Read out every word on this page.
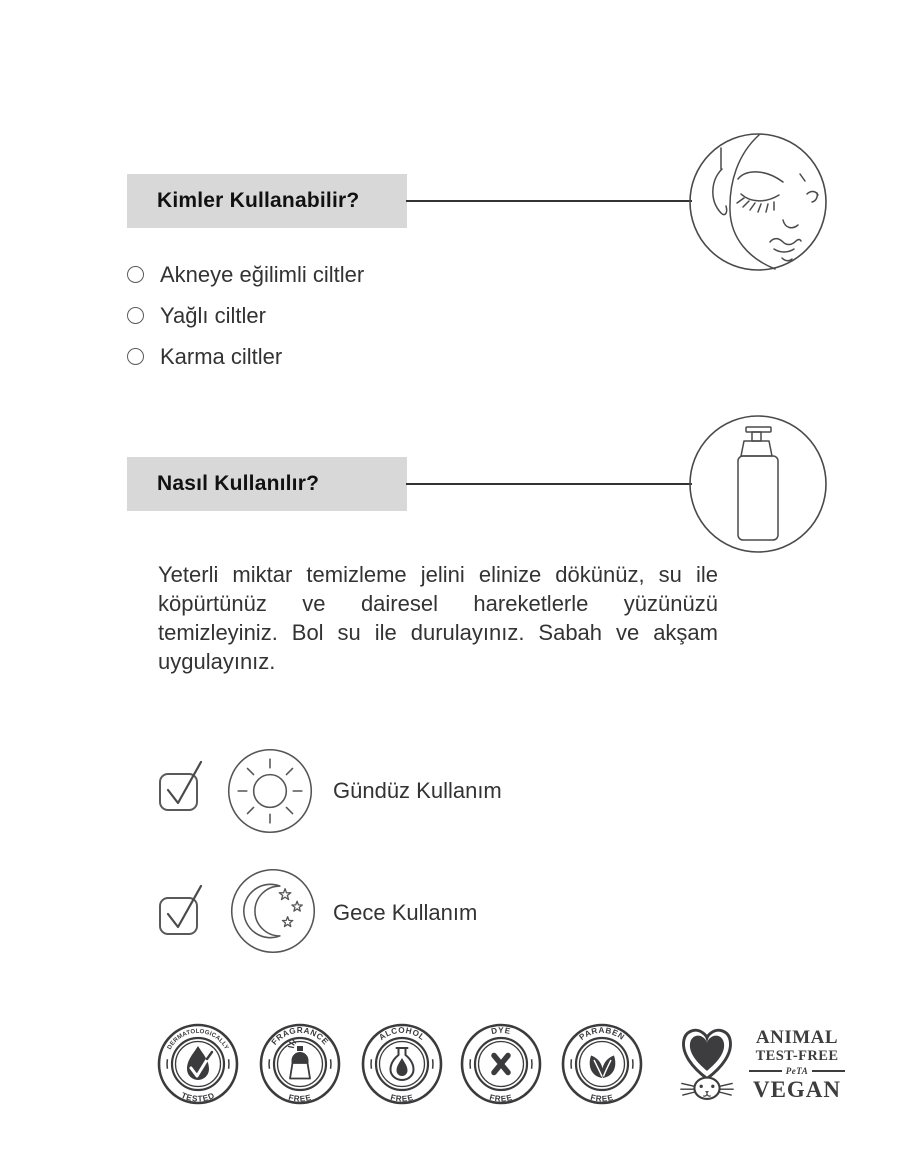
Kimler Kullanabilir?
Akneye eğilimli ciltler
Yağlı ciltler
Karma ciltler
Nasıl Kullanılır?
Yeterli miktar temizleme jelini elinize dökünüz, su ile köpürtünüz ve dairesel hareketlerle yüzünüzü temizleyiniz. Bol su ile durulayınız. Sabah ve akşam uygulayınız.
Gündüz Kullanım
Gece Kullanım
DERMATOLOGICALLY
TESTED
FRAGRANCE
FREE
ALCOHOL
FREE
DYE
FREE
PARABEN
FREE
ANIMAL
TEST-FREE
PeTA
VEGAN
